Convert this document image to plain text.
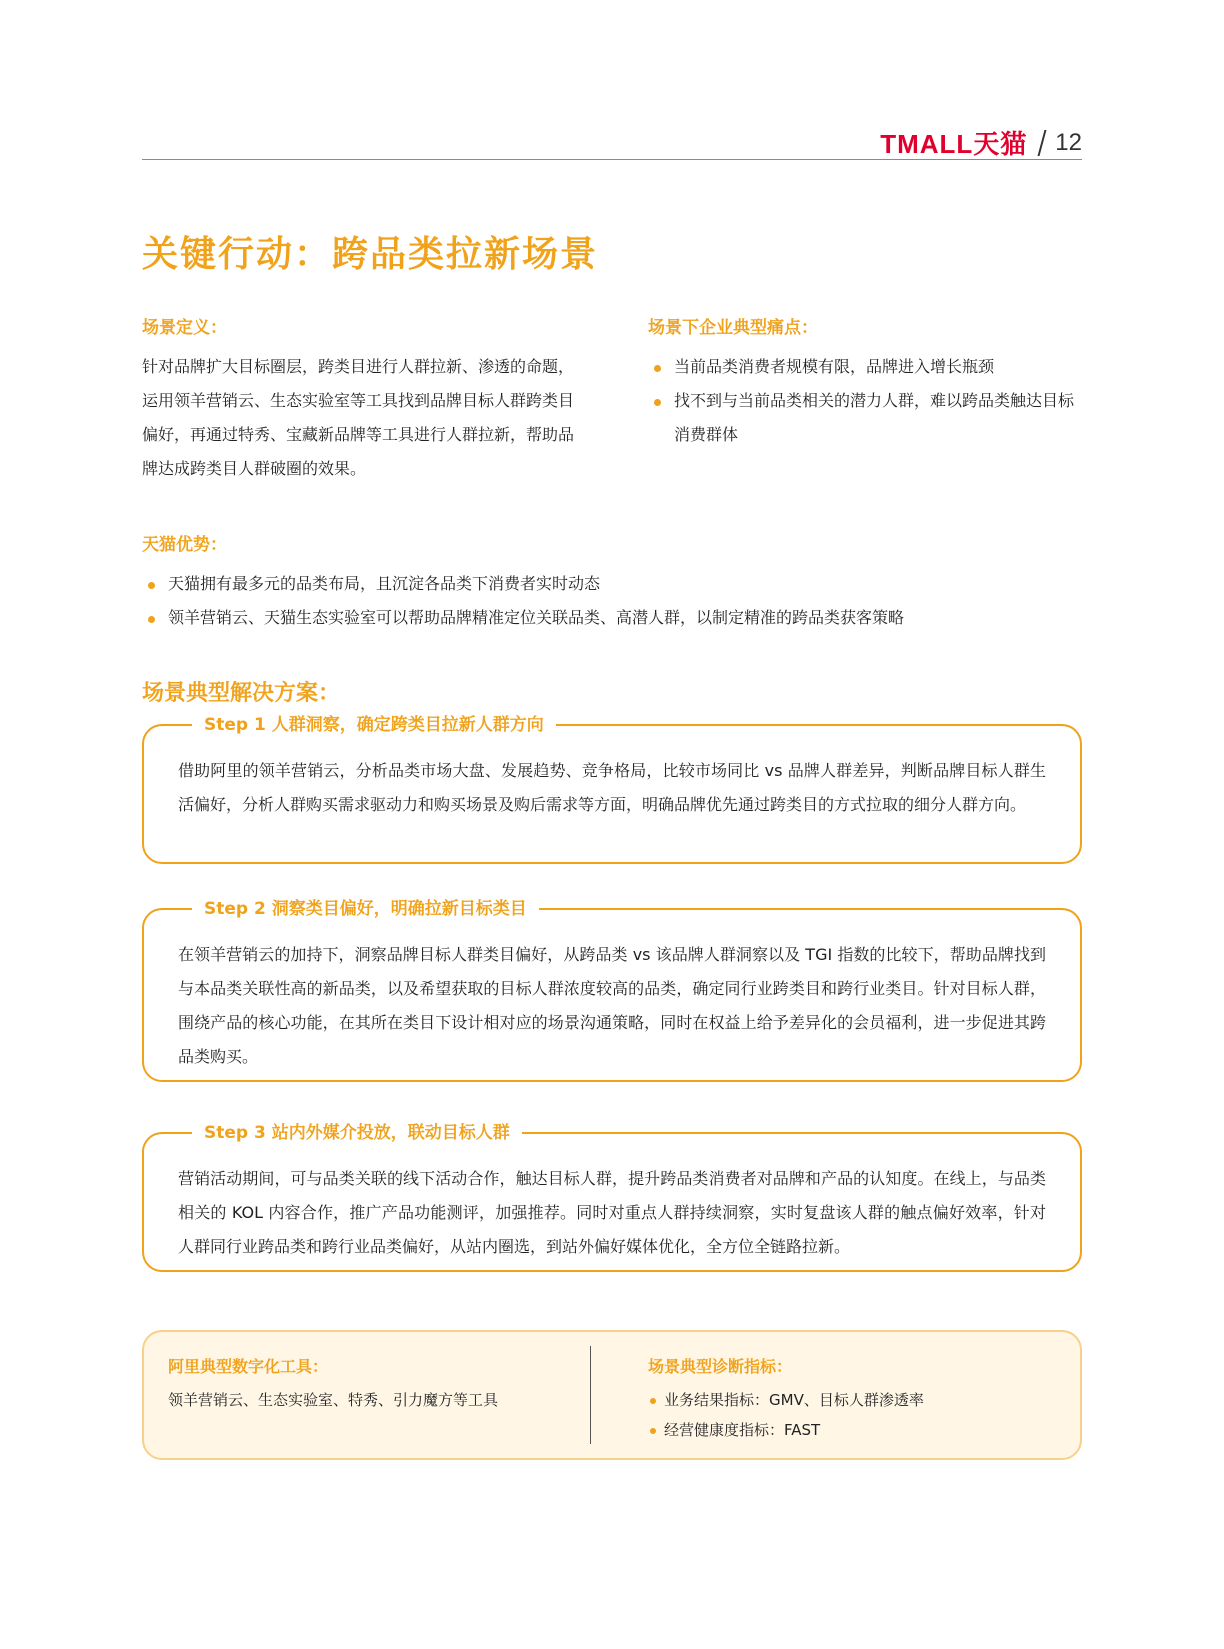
TMALL天猫 12
关键行动：跨品类拉新场景

场景定义：

针对品牌扩大目标圈层，跨类目进行人群拉新、渗透的命题，运用领羊营销云、生态实验室等工具找到品牌目标人群跨类目偏好，再通过特秀、宝藏新品牌等工具进行人群拉新，帮助品牌达成跨类目人群破圈的效果。

场景下企业典型痛点：

当前品类消费者规模有限，品牌进入增长瓶颈
找不到与当前品类相关的潜力人群，难以跨品类触达目标消费群体

天猫优势：

天猫拥有最多元的品类布局，且沉淀各品类下消费者实时动态
领羊营销云、天猫生态实验室可以帮助品牌精准定位关联品类、高潜人群，以制定精准的跨品类获客策略
场景典型解决方案：
Step 1 人群洞察，确定跨类目拉新人群方向

借助阿里的领羊营销云，分析品类市场大盘、发展趋势、竞争格局，比较市场同比 vs 品牌人群差异，判断品牌目标人群生活偏好，分析人群购买需求驱动力和购买场景及购后需求等方面，明确品牌优先通过跨类目的方式拉取的细分人群方向。

Step 2 洞察类目偏好，明确拉新目标类目

在领羊营销云的加持下，洞察品牌目标人群类目偏好，从跨品类 vs 该品牌人群洞察以及 TGI 指数的比较下，帮助品牌找到与本品类关联性高的新品类，以及希望获取的目标人群浓度较高的品类，确定同行业跨类目和跨行业类目。针对目标人群，围绕产品的核心功能，在其所在类目下设计相对应的场景沟通策略，同时在权益上给予差异化的会员福利，进一步促进其跨品类购买。

Step 3 站内外媒介投放，联动目标人群

营销活动期间，可与品类关联的线下活动合作，触达目标人群，提升跨品类消费者对品牌和产品的认知度。在线上，与品类相关的 KOL 内容合作，推广产品功能测评，加强推荐。同时对重点人群持续洞察，实时复盘该人群的触点偏好效率，针对人群同行业跨品类和跨行业品类偏好，从站内圈选，到站外偏好媒体优化，全方位全链路拉新。

阿里典型数字化工具：

领羊营销云、生态实验室、特秀、引力魔方等工具

场景典型诊断指标：

业务结果指标：GMV、目标人群渗透率
经营健康度指标：FAST
